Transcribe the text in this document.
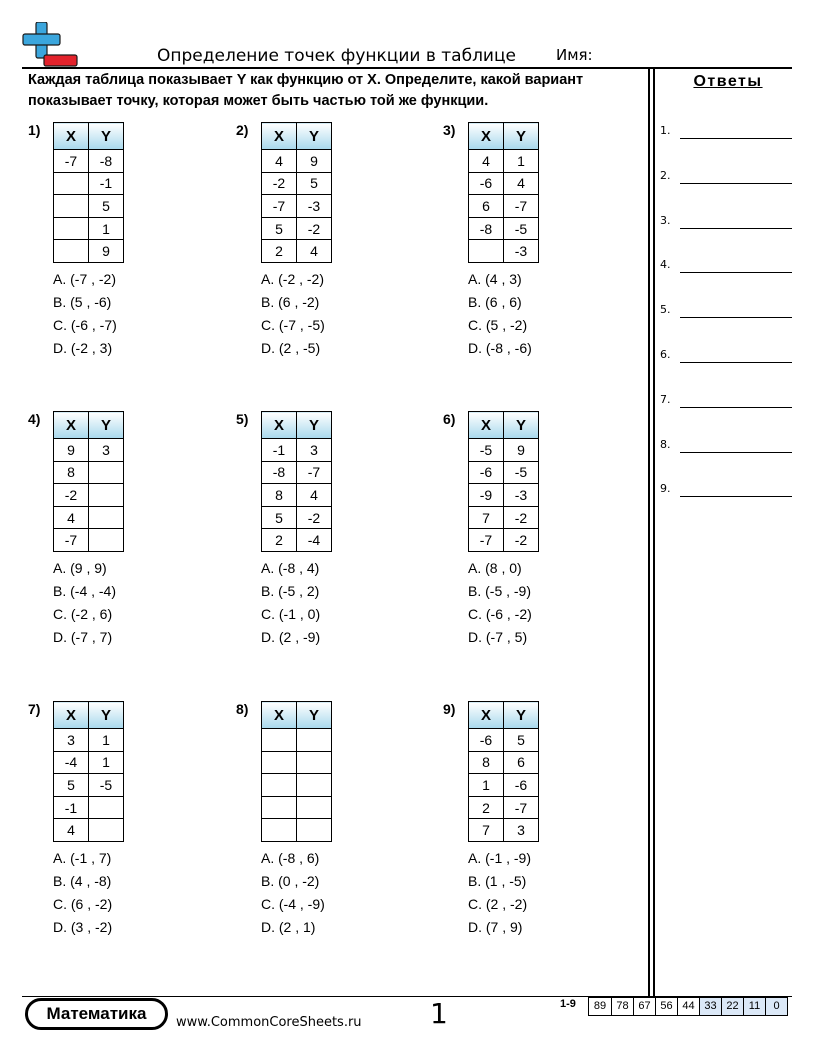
Определение точек функции в таблице	Имя:
Каждая таблица показывает Y как функцию от X. Определите, какой вариант показывает точку, которая может быть частью той же функции.
Ответы
1.
2.
3.
4.
5.
6.
7.
8.
9.
1) X	Y
-7	-8
	-1
	5
	1
	9
A. (-7 , -2)
B. (5 , -6)
C. (-6 , -7)
D. (-2 , 3)
2) X	Y
4	9
-2	5
-7	-3
5	-2
2	4
A. (-2 , -2)
B. (6 , -2)
C. (-7 , -5)
D. (2 , -5)
3) X	Y
4	1
-6	4
6	-7
-8	-5
	-3
A. (4 , 3)
B. (6 , 6)
C. (5 , -2)
D. (-8 , -6)
4) X	Y
9	3
8	
-2	
4	
-7	
A. (9 , 9)
B. (-4 , -4)
C. (-2 , 6)
D. (-7 , 7)
5) X	Y
-1	3
-8	-7
8	4
5	-2
2	-4
A. (-8 , 4)
B. (-5 , 2)
C. (-1 , 0)
D. (2 , -9)
6) X	Y
-5	9
-6	-5
-9	-3
7	-2
-7	-2
A. (8 , 0)
B. (-5 , -9)
C. (-6 , -2)
D. (-7 , 5)
7) X	Y
3	1
-4	1
5	-5
-1	
4	
A. (-1 , 7)
B. (4 , -8)
C. (6 , -2)
D. (3 , -2)
8) X	Y

A. (-8 , 6)
B. (0 , -2)
C. (-4 , -9)
D. (2 , 1)
9) X	Y
-6	5
8	6
1	-6
2	-7
7	3
A. (-1 , -9)
B. (1 , -5)
C. (2 , -2)
D. (7 , 9)
Математика	www.CommonCoreSheets.ru 1	1-9	89 78 67 56 44 33 22 11	0
